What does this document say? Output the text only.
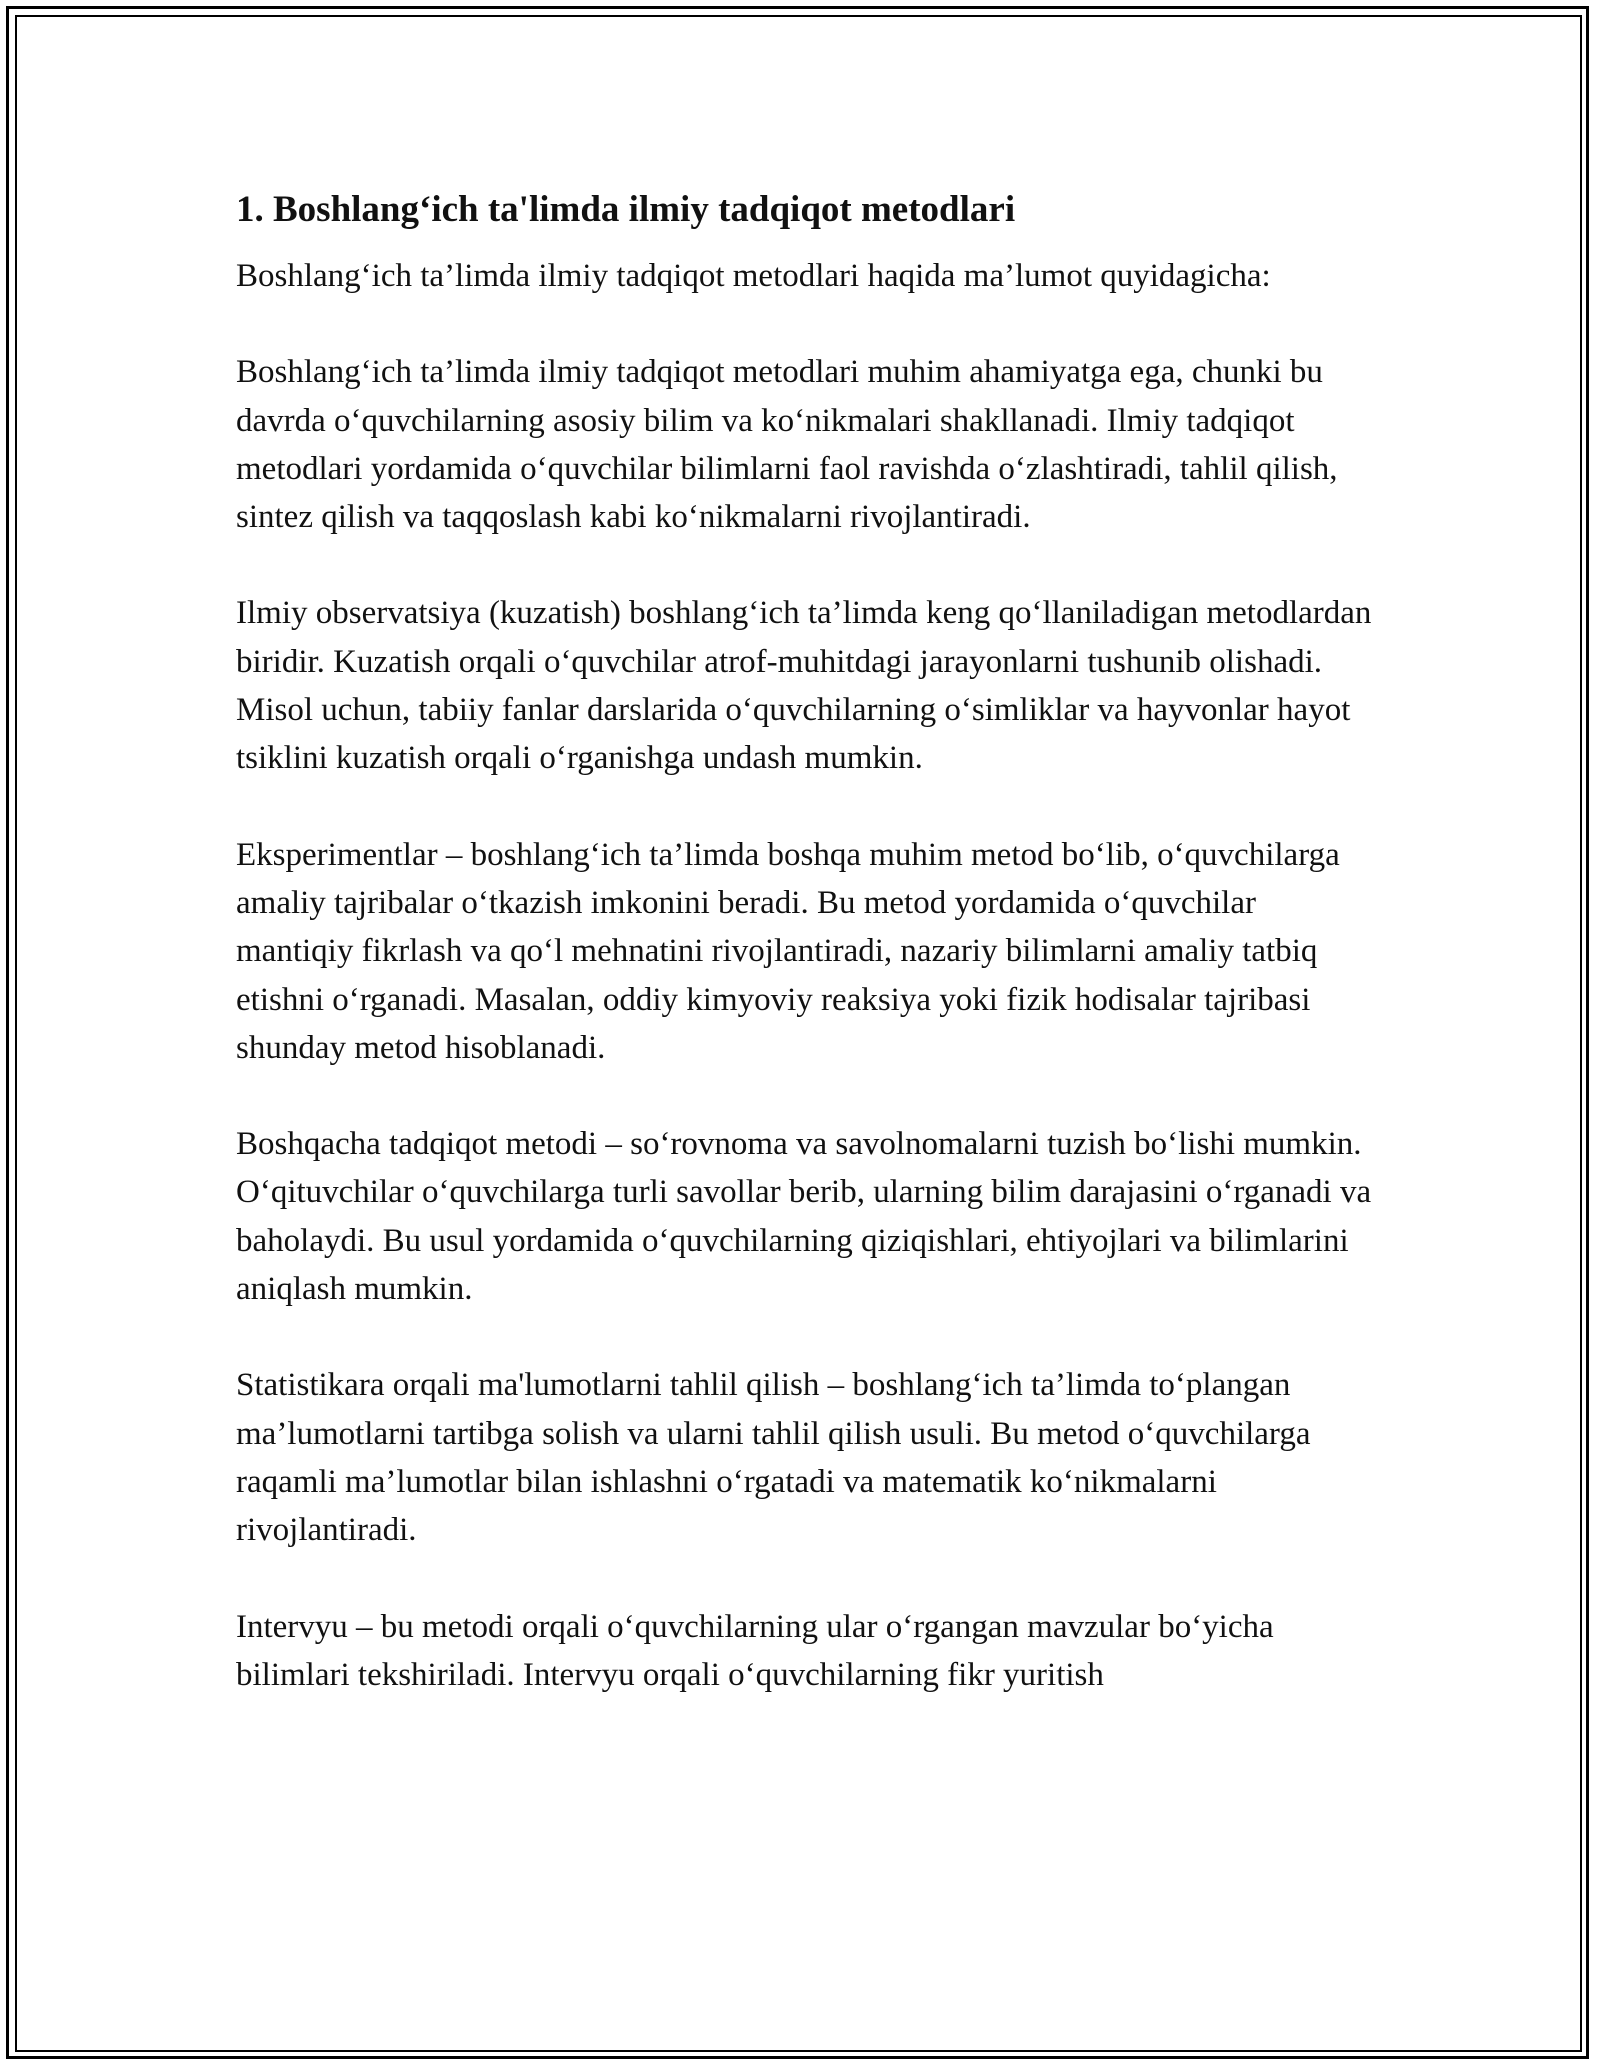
1. Boshlang‘ich ta'limda ilmiy tadqiqot metodlari

Boshlang‘ich ta’limda ilmiy tadqiqot metodlari haqida ma’lumot quyidagicha:

Boshlang‘ich ta’limda ilmiy tadqiqot metodlari muhim ahamiyatga ega, chunki bu davrda o‘quvchilarning asosiy bilim va ko‘nikmalari shakllanadi. Ilmiy tadqiqot metodlari yordamida o‘quvchilar bilimlarni faol ravishda o‘zlashtiradi, tahlil qilish, sintez qilish va taqqoslash kabi ko‘nikmalarni rivojlantiradi.

Ilmiy observatsiya (kuzatish) boshlang‘ich ta’limda keng qo‘llaniladigan metodlardan biridir. Kuzatish orqali o‘quvchilar atrof-muhitdagi jarayonlarni tushunib olishadi. Misol uchun, tabiiy fanlar darslarida o‘quvchilarning o‘simliklar va hayvonlar hayot tsiklini kuzatish orqali o‘rganishga undash mumkin.

Eksperimentlar – boshlang‘ich ta’limda boshqa muhim metod bo‘lib, o‘quvchilarga amaliy tajribalar o‘tkazish imkonini beradi. Bu metod yordamida o‘quvchilar mantiqiy fikrlash va qo‘l mehnatini rivojlantiradi, nazariy bilimlarni amaliy tatbiq etishni o‘rganadi. Masalan, oddiy kimyoviy reaksiya yoki fizik hodisalar tajribasi shunday metod hisoblanadi.

Boshqacha tadqiqot metodi – so‘rovnoma va savolnomalarni tuzish bo‘lishi mumkin. O‘qituvchilar o‘quvchilarga turli savollar berib, ularning bilim darajasini o‘rganadi va baholaydi. Bu usul yordamida o‘quvchilarning qiziqishlari, ehtiyojlari va bilimlarini aniqlash mumkin.

Statistikara orqali ma'lumotlarni tahlil qilish – boshlang‘ich ta’limda to‘plangan ma’lumotlarni tartibga solish va ularni tahlil qilish usuli. Bu metod o‘quvchilarga raqamli ma’lumotlar bilan ishlashni o‘rgatadi va matematik ko‘nikmalarni rivojlantiradi.

Intervyu – bu metodi orqali o‘quvchilarning ular o‘rgangan mavzular bo‘yicha bilimlari tekshiriladi. Intervyu orqali o‘quvchilarning fikr yuritish
